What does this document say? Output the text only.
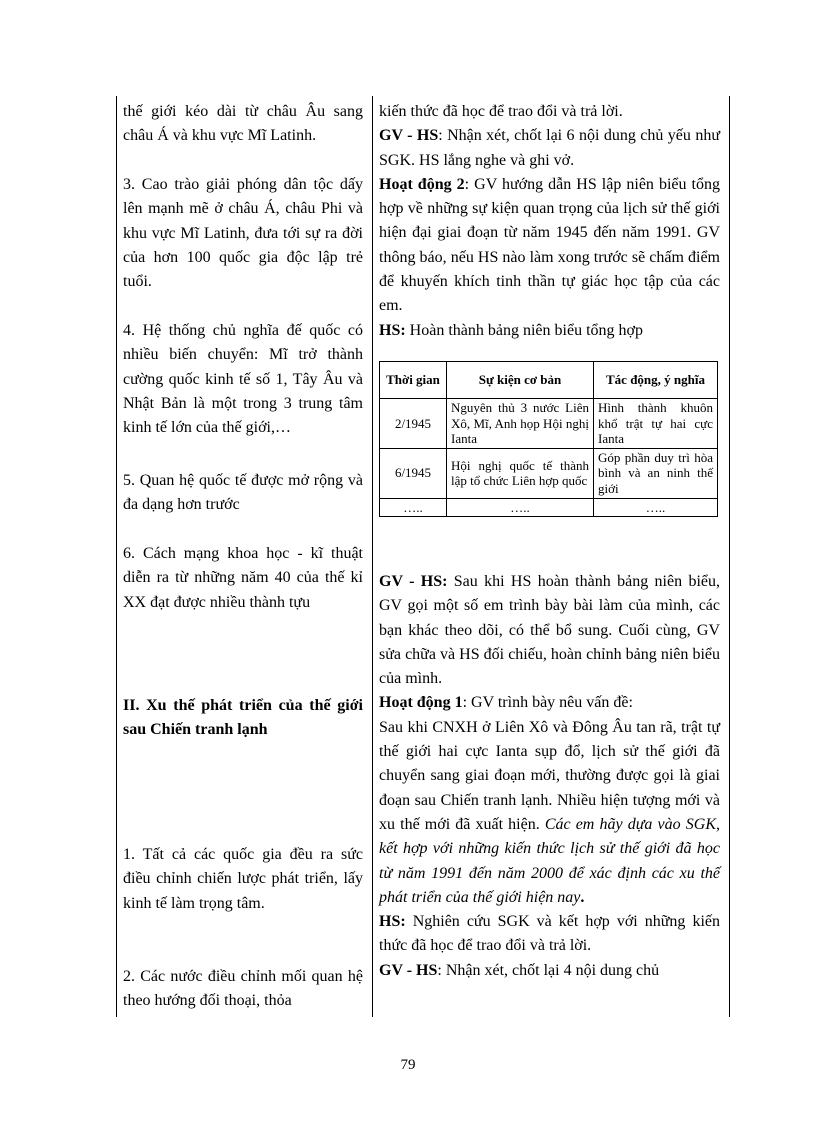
thế giới kéo dài từ châu Âu sang châu Á và khu vực Mĩ Latinh.

3. Cao trào giải phóng dân tộc dấy lên mạnh mẽ ở châu Á, châu Phi và khu vực Mĩ Latinh, đưa tới sự ra đời của hơn 100 quốc gia độc lập trẻ tuổi.

4. Hệ thống chủ nghĩa đế quốc có nhiều biến chuyển: Mĩ trở thành cường quốc kinh tế số 1, Tây Âu và Nhật Bản là một trong 3 trung tâm kinh tế lớn của thế giới,…

5. Quan hệ quốc tế được mở rộng và đa dạng hơn trước

6. Cách mạng khoa học - kĩ thuật diễn ra từ những năm 40 của thế kỉ XX đạt được nhiều thành tựu

II. Xu thế phát triển của thế giới sau Chiến tranh lạnh

1. Tất cả các quốc gia đều ra sức điều chỉnh chiến lược phát triển, lấy kinh tế làm trọng tâm.

2. Các nước điều chỉnh mối quan hệ theo hướng đối thoại, thỏa

kiến thức đã học để trao đổi và trả lời.

GV - HS: Nhận xét, chốt lại 6 nội dung chủ yếu như SGK. HS lắng nghe và ghi vở.

Hoạt động 2: GV hướng dẫn HS lập niên biểu tổng hợp về những sự kiện quan trọng của lịch sử thế giới hiện đại giai đoạn từ năm 1945 đến năm 1991. GV thông báo, nếu HS nào làm xong trước sẽ chấm điểm để khuyến khích tinh thần tự giác học tập của các em.

HS: Hoàn thành bảng niên biểu tổng hợp

Thời gian	Sự kiện cơ bản	Tác động, ý nghĩa
2/1945	Nguyên thủ 3 nước Liên Xô, Mĩ, Anh họp Hội nghị Ianta	Hình thành khuôn khổ trật tự hai cực Ianta
6/1945	Hội nghị quốc tế thành lập tổ chức Liên hợp quốc	Góp phần duy trì hòa bình và an ninh thế giới
…..	…..	…..

GV - HS: Sau khi HS hoàn thành bảng niên biểu, GV gọi một số em trình bày bài làm của mình, các bạn khác theo dõi, có thể bổ sung. Cuối cùng, GV sửa chữa và HS đối chiếu, hoàn chỉnh bảng niên biểu của mình.

Hoạt động 1: GV trình bày nêu vấn đề:

Sau khi CNXH ở Liên Xô và Đông Âu tan rã, trật tự thế giới hai cực Ianta sụp đổ, lịch sử thế giới đã chuyển sang giai đoạn mới, thường được gọi là giai đoạn sau Chiến tranh lạnh. Nhiều hiện tượng mới và xu thế mới đã xuất hiện. Các em hãy dựa vào SGK, kết hợp với những kiến thức lịch sử thế giới đã học từ năm 1991 đến năm 2000 để xác định các xu thế phát triển của thế giới hiện nay.

HS: Nghiên cứu SGK và kết hợp với những kiến thức đã học để trao đổi và trả lời.

GV - HS: Nhận xét, chốt lại 4 nội dung chủ

79
